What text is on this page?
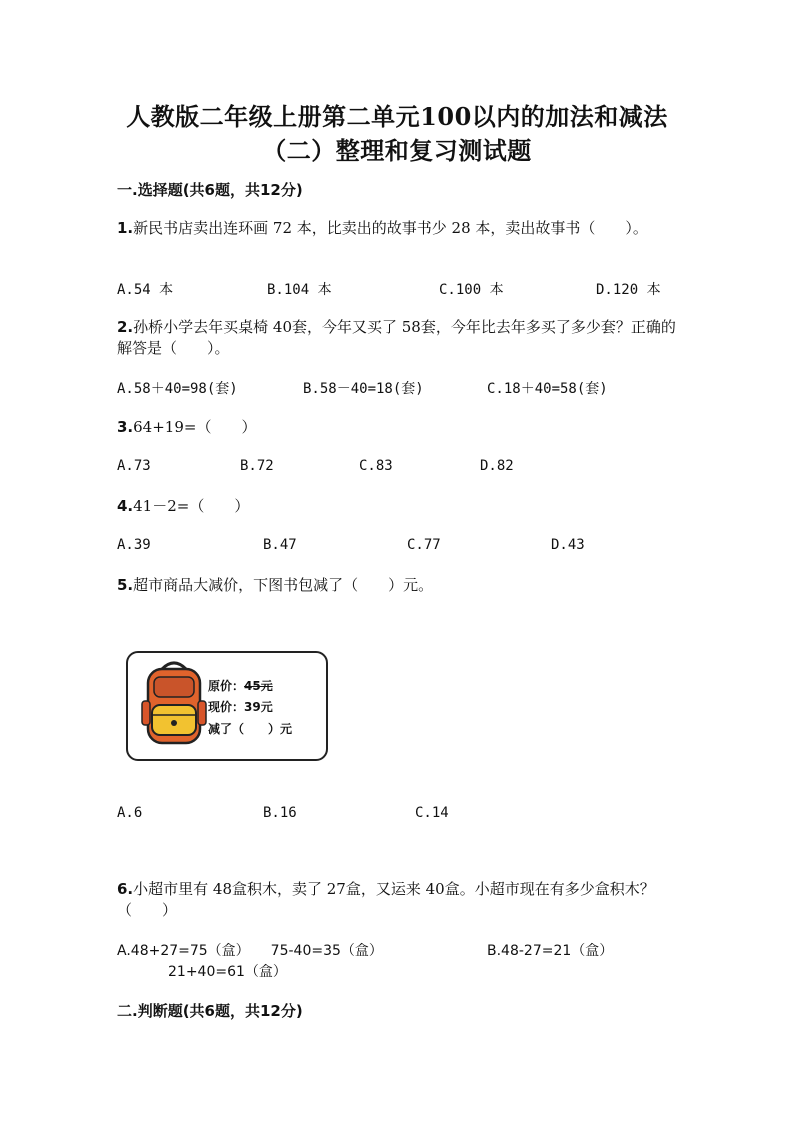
人教版二年级上册第二单元100以内的加法和减法
（二）整理和复习测试题
一.选择题(共6题，共12分)
1.新民书店卖出连环画 72 本，比卖出的故事书少 28 本，卖出故事书（　　）。
A.54 本	B.104 本	C.100 本	D.120 本
2.孙桥小学去年买桌椅 40套，今年又买了 58套，今年比去年多买了多少套？正确的解答是（　　）。
A.58＋40=98(套)	B.58－40=18(套)	C.18＋40=58(套)
3.64+19=（　　）
A.73	B.72	C.83	D.82
4.41－2=（　　）
A.39	B.47	C.77	D.43
5.超市商品大减价，下图书包减了（　　）元。
原价：45元
现价：39元
减了（　　）元
A.6	B.16	C.14
6.小超市里有 48盒积木，卖了 27盒，又运来 40盒。小超市现在有多少盒积木？（　　）
A.48+27=75（盒）　　75-40=35（盒）	B.48-27=21（盒）
21+40=61（盒）
二.判断题(共6题，共12分)
